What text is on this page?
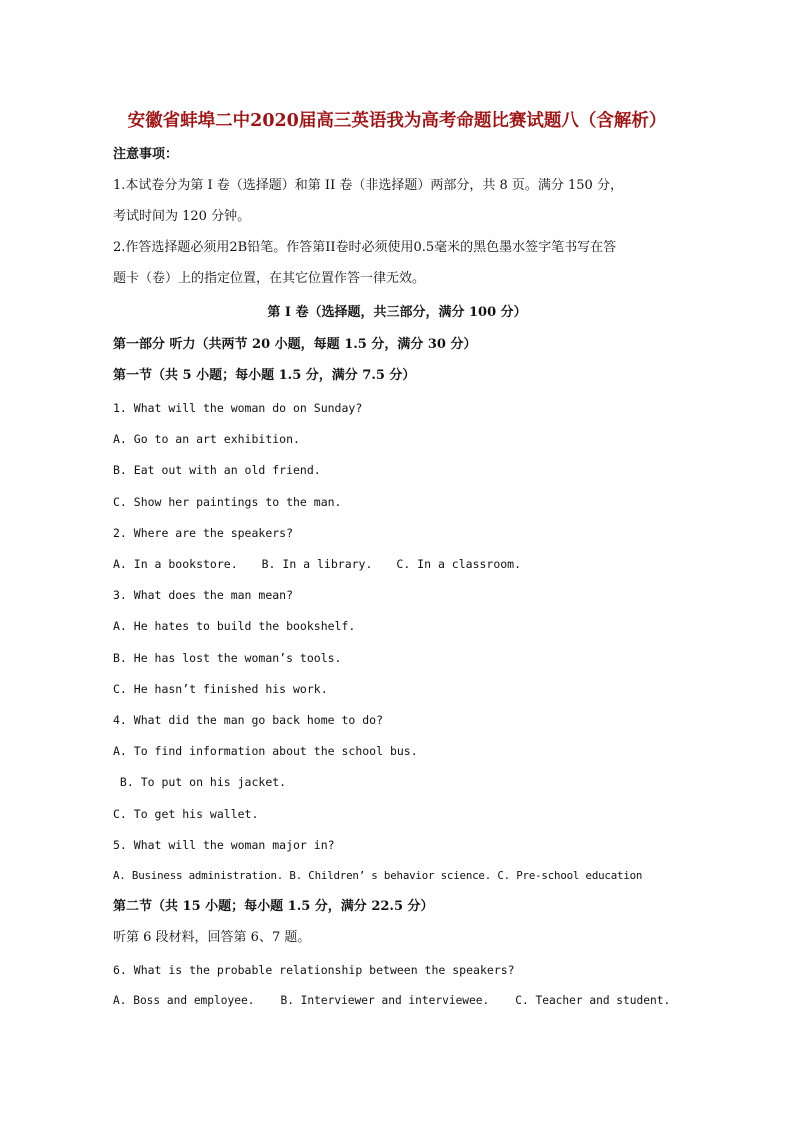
安徽省蚌埠二中2020届高三英语我为高考命题比赛试题八（含解析）
注意事项：
1.本试卷分为第 I 卷（选择题）和第 II 卷（非选择题）两部分，共 8 页。满分 150 分，
考试时间为 120 分钟。
2.作答选择题必须用2B铅笔。作答第II卷时必须使用0.5毫米的黑色墨水签字笔书写在答
题卡（卷）上的指定位置，在其它位置作答一律无效。
第 I 卷（选择题，共三部分，满分 100 分）
第一部分 听力（共两节 20 小题，每题 1.5 分，满分 30 分）
第一节（共 5 小题；每小题 1.5 分，满分 7.5 分）
1. What will the woman do on Sunday?
A. Go to an art exhibition.
B. Eat out with an old friend.
C. Show her paintings to the man.
2. Where are the speakers?
A. In a bookstore. B. In a library. C. In a classroom.
3. What does the man mean?
A. He hates to build the bookshelf.
B. He has lost the woman’s tools.
C. He hasn’t finished his work.
4. What did the man go back home to do?
A. To find information about the school bus.
B. To put on his jacket.
C. To get his wallet.
5. What will the woman major in?
A. Business administration. B. Children’ s behavior science. C. Pre-school education
第二节（共 15 小题；每小题 1.5 分，满分 22.5 分）
听第 6 段材料，回答第 6、7 题。
6. What is the probable relationship between the speakers?
A. Boss and employee. B. Interviewer and interviewee. C. Teacher and student.
